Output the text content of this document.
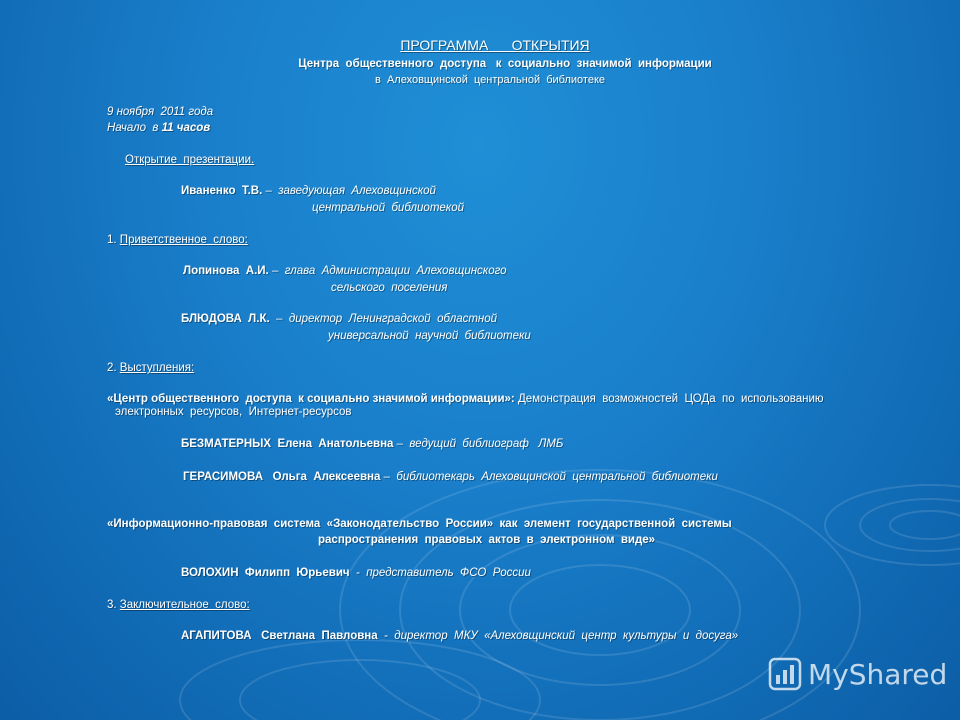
ПРОГРАММА      ОТКРЫТИЯ
Центра  общественного  доступа   к  социально  значимой  информации
в  Алеховщинской  центральной  библиотеке
9 ноября  2011 года
Начало  в 11 часов
Открытие  презентации.
Иваненко  Т.В. –  заведующая  Алеховщинской
центральной  библиотекой
1. Приветственное  слово:
Лопинова  А.И. –  глава  Администрации  Алеховщинского
сельского  поселения
БЛЮДОВА  Л.К.  –  директор  Ленинградской  областной
универсальной  научной  библиотеки
2. Выступления:
«Центр общественного  доступа  к социально значимой информации»: Демонстрация  возможностей  ЦОДа  по  использованию
электронных  ресурсов,  Интернет-ресурсов
БЕЗМАТЕРНЫХ  Елена  Анатольевна –  ведущий  библиограф   ЛМБ
ГЕРАСИМОВА   Ольга  Алексеевна –  библиотекарь  Алеховщинской  центральной  библиотеки
«Информационно-правовая  система  «Законодательство  России»  как  элемент  государственной  системы
распространения  правовых  актов  в  электронном  виде»
ВОЛОХИН  Филипп  Юрьевич  -  представитель  ФСО  России
3. Заключительное  слово:
АГАПИТОВА   Светлана  Павловна  -  директор  МКУ  «Алеховщинский  центр  культуры  и  досуга»
MyShared
